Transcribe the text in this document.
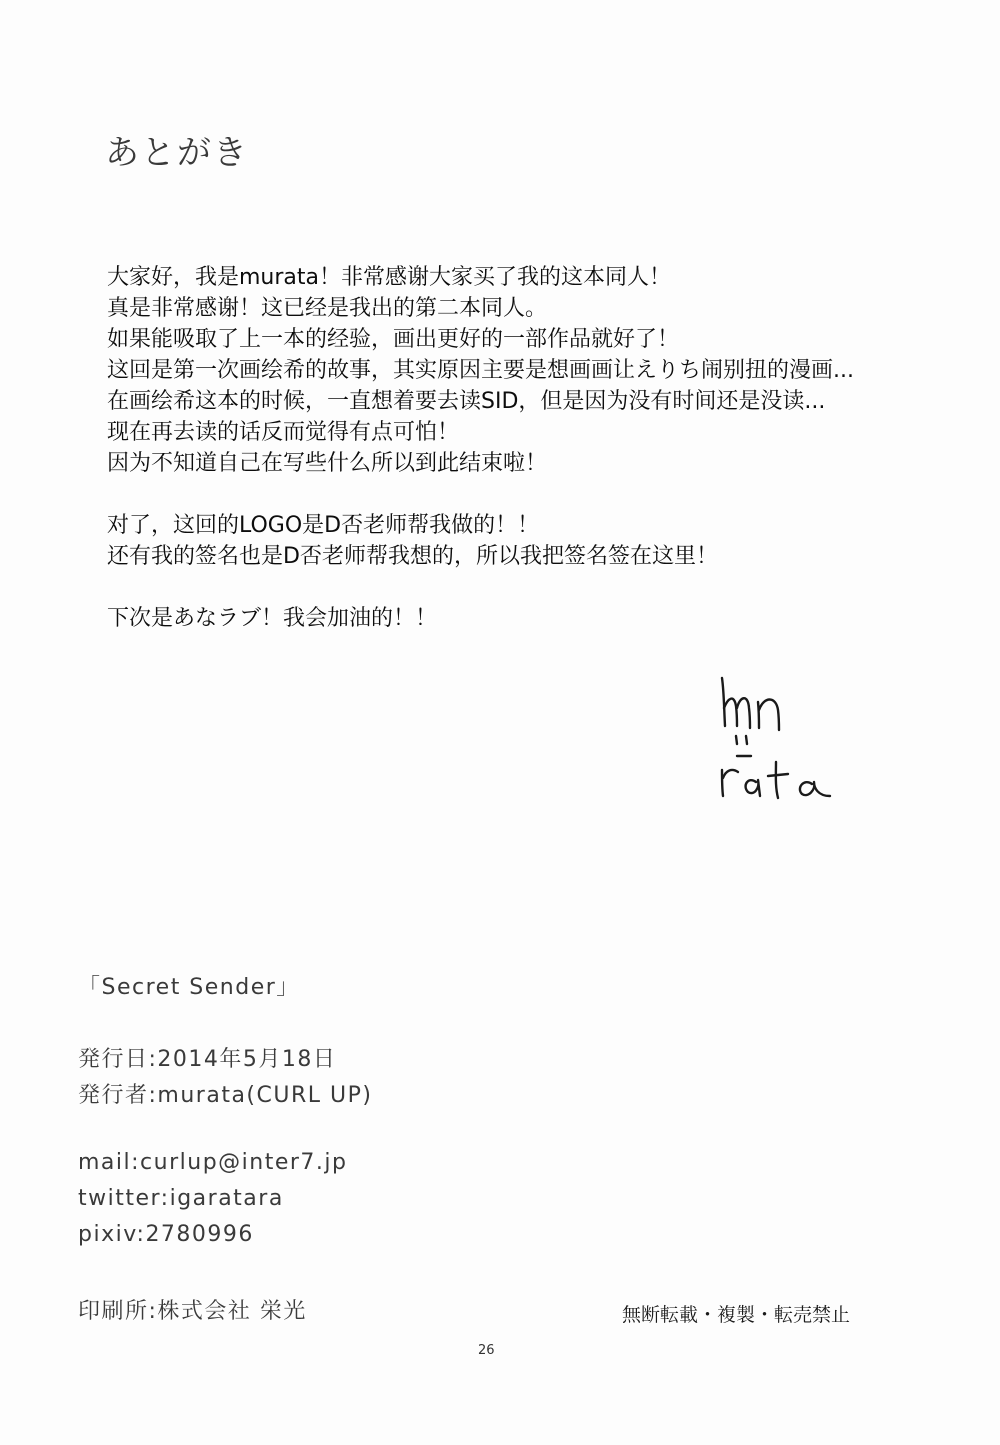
あとがき

大家好，我是murata！非常感谢大家买了我的这本同人！

真是非常感谢！这已经是我出的第二本同人。

如果能吸取了上一本的经验，画出更好的一部作品就好了！

这回是第一次画绘希的故事，其实原因主要是想画画让えりち闹别扭的漫画...

在画绘希这本的时候，一直想着要去读SID，但是因为没有时间还是没读...

现在再去读的话反而觉得有点可怕！

因为不知道自己在写些什么所以到此结束啦！

对了，这回的LOGO是D否老师帮我做的！！

还有我的签名也是D否老师帮我想的，所以我把签名签在这里！

下次是あなラブ！我会加油的！！

「Secret Sender」
発行日:2014年5月18日
発行者:murata(CURL UP)
mail:curlup@inter7.jp
twitter:igaratara
pixiv:2780996
印刷所:株式会社 栄光	無断転載・複製・転売禁止
26
